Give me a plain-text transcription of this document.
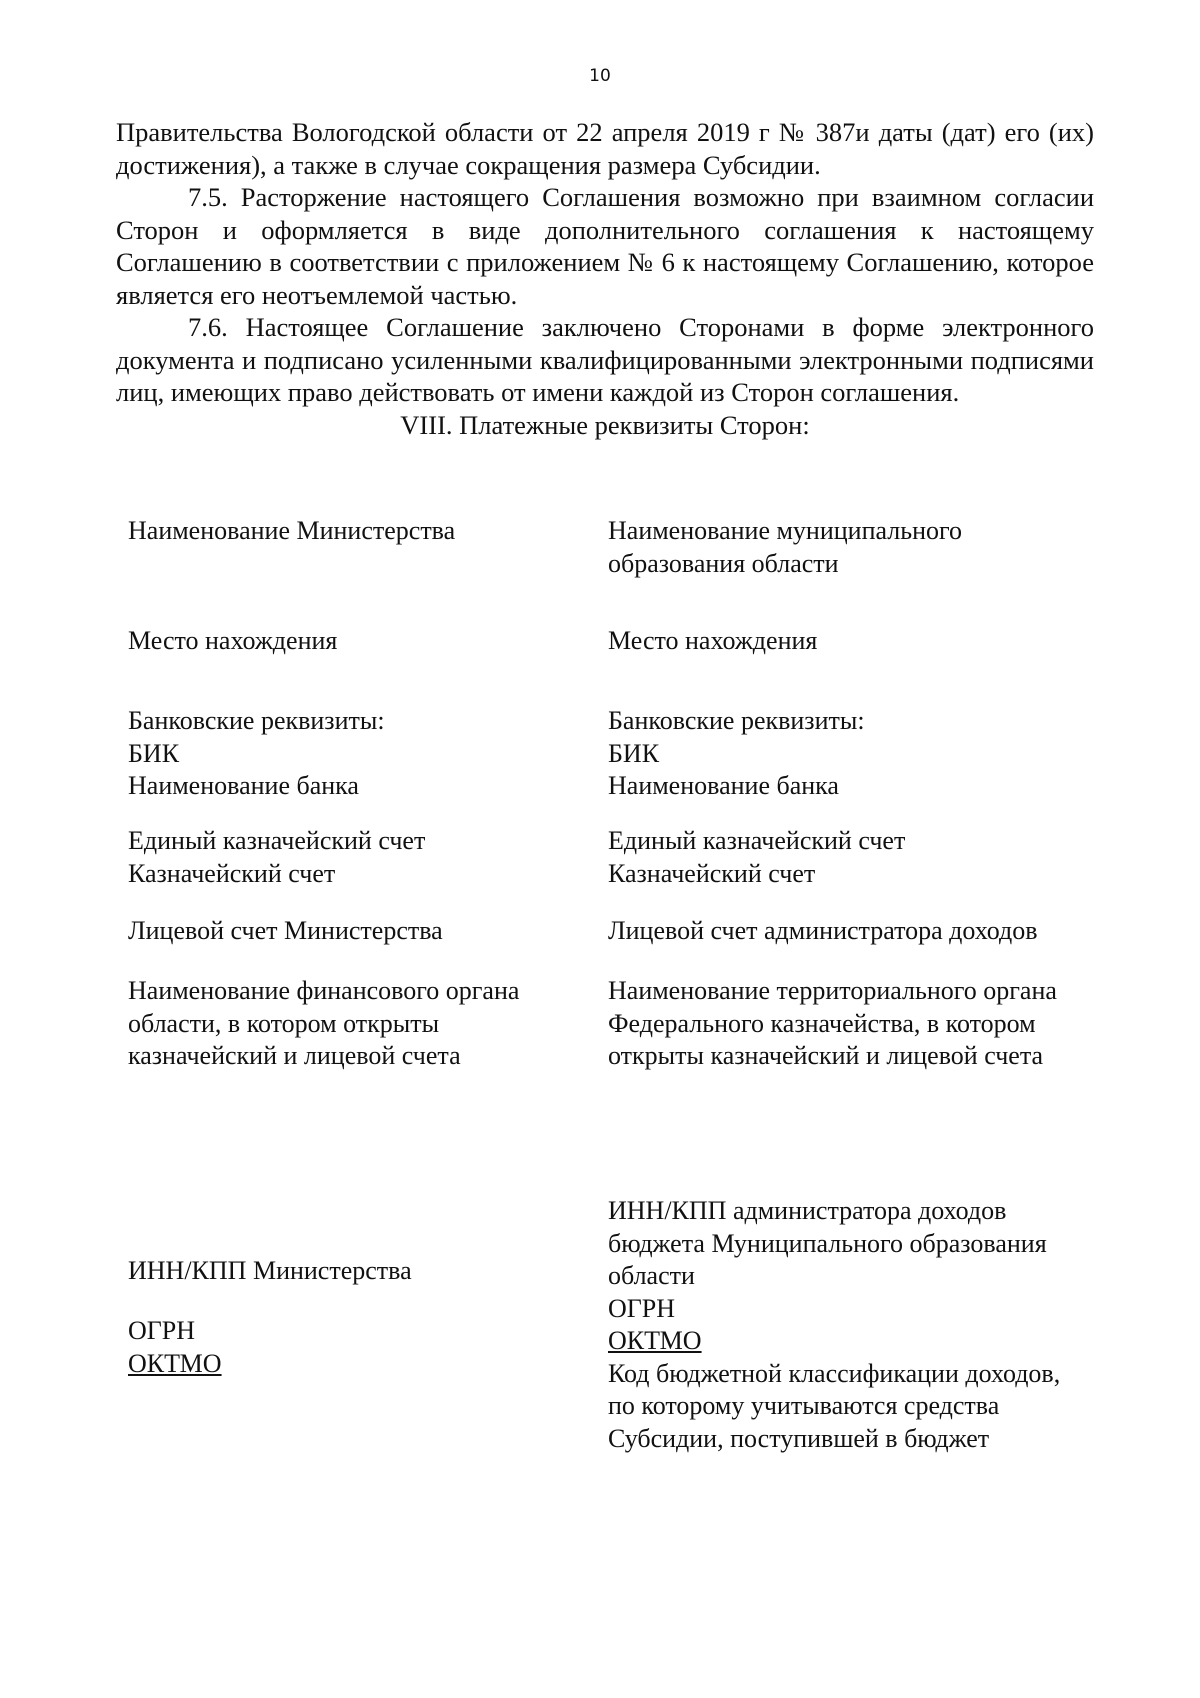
10

Правительства Вологодской области от 22 апреля 2019 г № 387и даты (дат) его (их) достижения), а также в случае сокращения размера Субсидии.

7.5. Расторжение настоящего Соглашения возможно при взаимном согласии Сторон и оформляется в виде дополнительного соглашения к настоящему Соглашению в соответствии с приложением № 6 к настоящему Соглашению, которое является его неотъемлемой частью.

7.6. Настоящее Соглашение заключено Сторонами в форме электронного документа и подписано усиленными квалифицированными электронными подписями лиц, имеющих право действовать от имени каждой из Сторон соглашения.

VIII. Платежные реквизиты Сторон:
Наименование Министерства
Место нахождения
Банковские реквизиты:
БИК
Наименование банка
Единый казначейский счет
Казначейский счет
Лицевой счет Министерства
Наименование финансового органа
области, в котором открыты
казначейский и лицевой счета
ИНН/КПП Министерства
ОГРН
ОКТМО
Наименование муниципального
образования области
Место нахождения
Банковские реквизиты:
БИК
Наименование банка
Единый казначейский счет
Казначейский счет
Лицевой счет администратора доходов
Наименование территориального органа
Федерального казначейства, в котором
открыты казначейский и лицевой счета
ИНН/КПП администратора доходов
бюджета Муниципального образования
области
ОГРН
ОКТМО
Код бюджетной классификации доходов,
по которому учитываются средства
Субсидии, поступившей в бюджет
